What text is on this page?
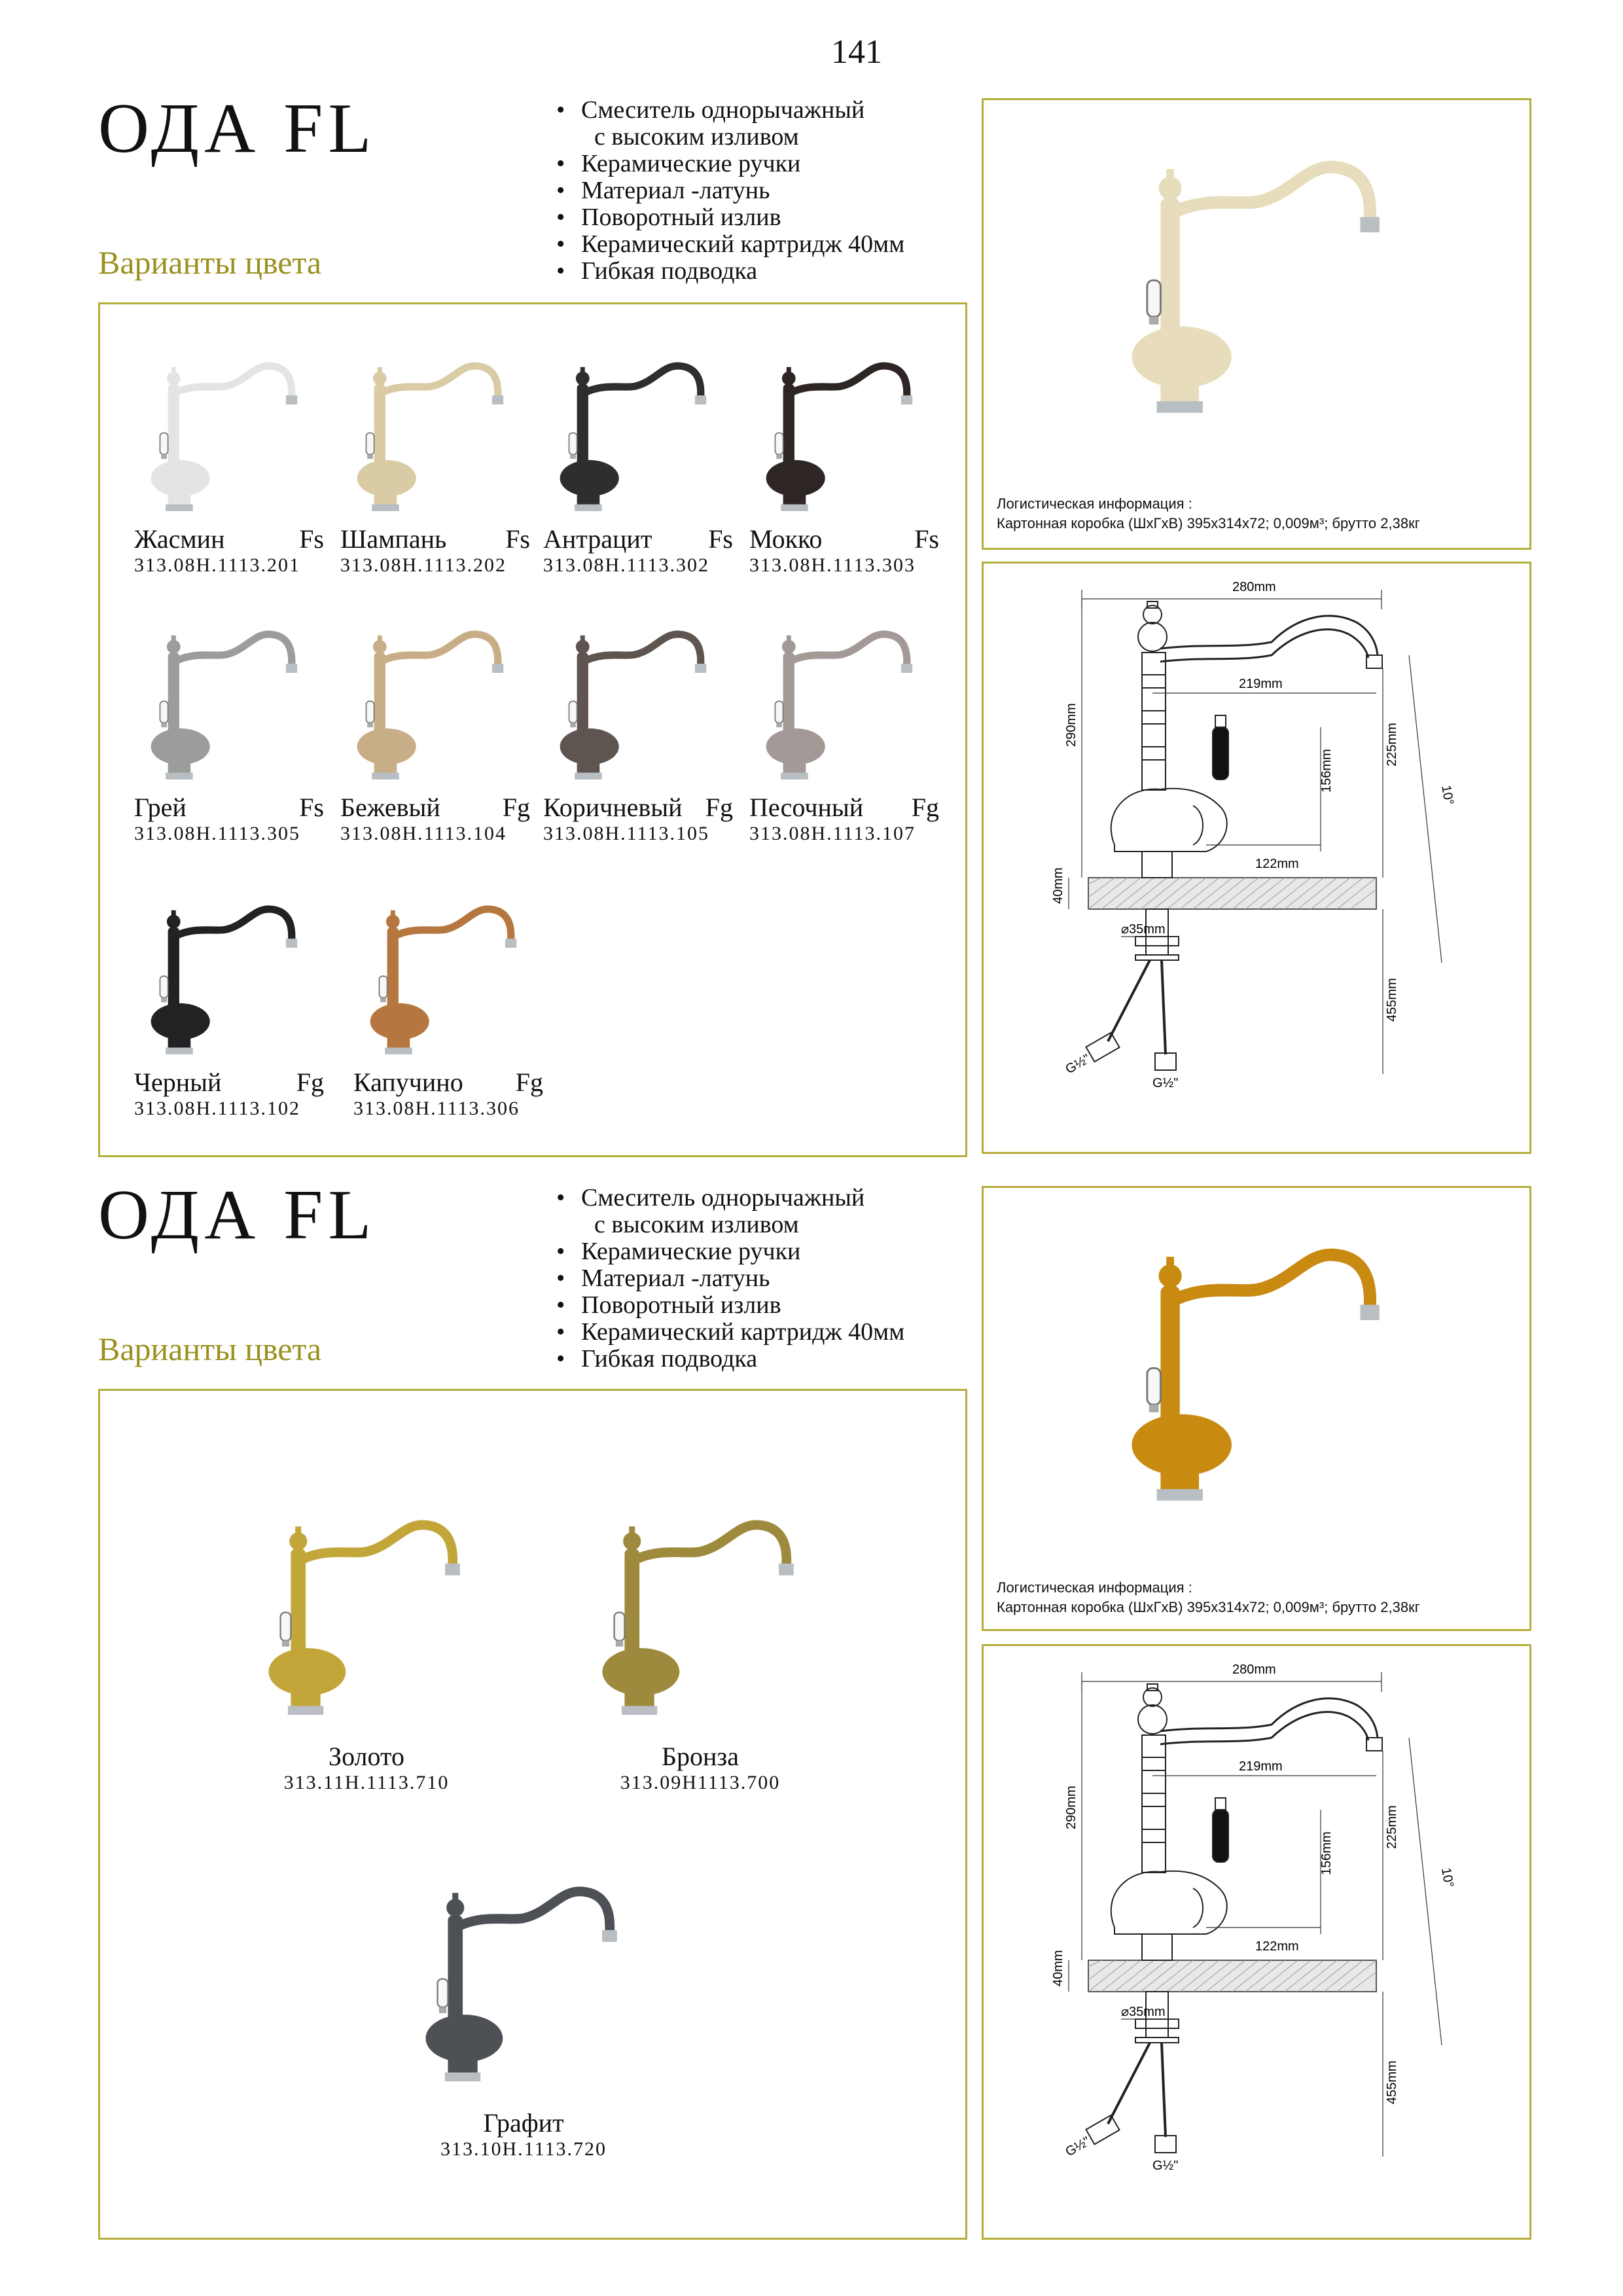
141
ОДА FL
Варианты цвета
• Смеситель однорычажный
с высоким изливом
• Керамические ручки
• Материал -латунь
• Поворотный излив
• Керамический картридж 40мм
• Гибкая подводка
Жасмин	Fs
313.08H.1113.201
Шампань Fs
313.08H.1113.202
Антрацит Fs
313.08H.1113.302
Мокко	Fs
313.08H.1113.303
Грей	Fs
313.08H.1113.305
Бежевый Fg
313.08H.1113.104
Коричневый Fg
313.08H.1113.105
Песочный Fg
313.08H.1113.107
Черный	Fg
313.08H.1113.102
Капучино Fg
313.08H.1113.306
Логистическая информация :
Картонная коробка (ШхГхВ) 395х314х72; 0,009м³; брутто 2,38кг
ОДА FL
Варианты цвета
• Смеситель однорычажный
с высоким изливом
• Керамические ручки
• Материал -латунь
• Поворотный излив
• Керамический картридж 40мм
• Гибкая подводка
Золото
313.11H.1113.710
Бронза
313.09H1113.700
Графит
313.10H.1113.720
Логистическая информация :
Картонная коробка (ШхГхВ) 395х314х72; 0,009м³; брутто 2,38кг
